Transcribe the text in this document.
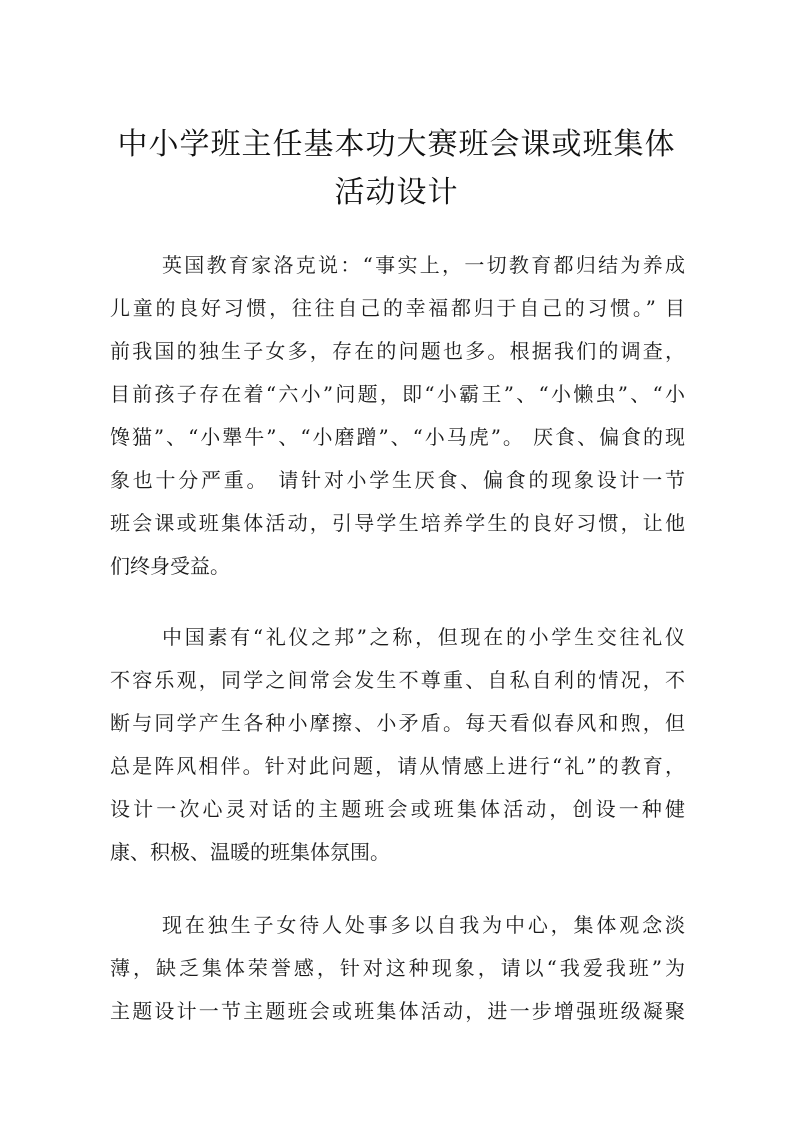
中小学班主任基本功大赛班会课或班集体
活动设计
英国教育家洛克说：“事实上，一切教育都归结为养成
儿童的良好习惯，往往自己的幸福都归于自己的习惯。” 目
前我国的独生子女多，存在的问题也多。根据我们的调查，
目前孩子存在着“六小”问题，即“小霸王”、“小懒虫”、“小
馋猫”、“小犟牛”、“小磨蹭”、“小马虎”。 厌食、偏食的现
象也十分严重。 请针对小学生厌食、偏食的现象设计一节
班会课或班集体活动，引导学生培养学生的良好习惯，让他
们终身受益。
中国素有“礼仪之邦”之称，但现在的小学生交往礼仪
不容乐观，同学之间常会发生不尊重、自私自利的情况，不
断与同学产生各种小摩擦、小矛盾。每天看似春风和煦，但
总是阵风相伴。针对此问题，请从情感上进行“礼”的教育，
设计一次心灵对话的主题班会或班集体活动，创设一种健
康、积极、温暖的班集体氛围。
现在独生子女待人处事多以自我为中心，集体观念淡
薄，缺乏集体荣誉感，针对这种现象，请以“我爱我班”为
主题设计一节主题班会或班集体活动，进一步增强班级凝聚
